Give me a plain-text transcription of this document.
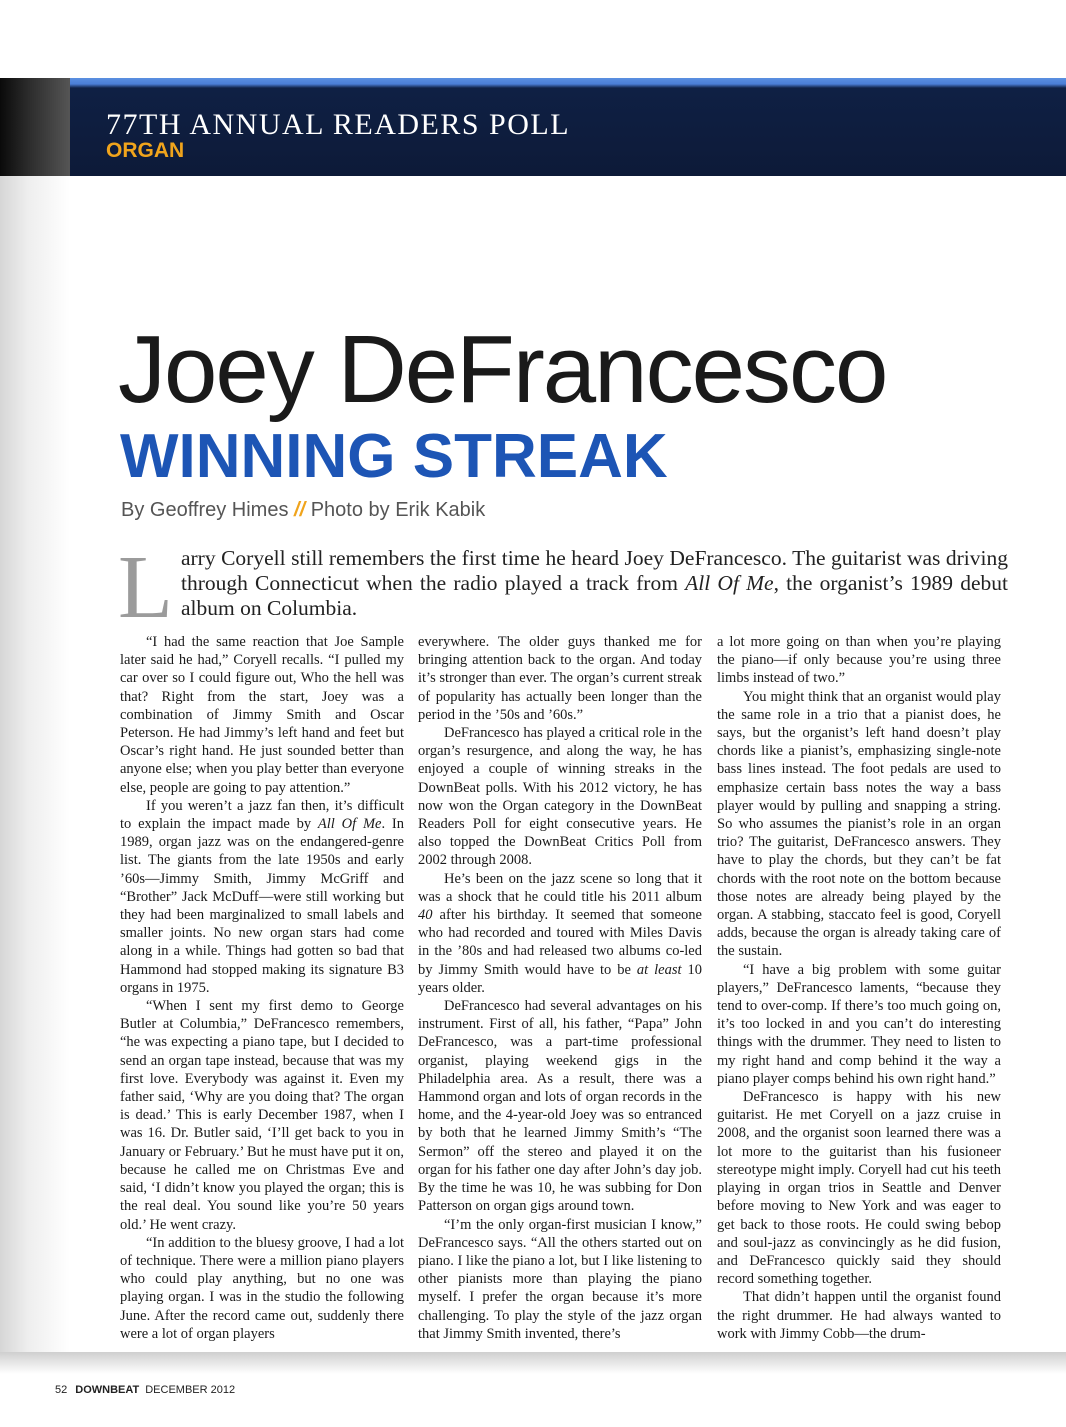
77TH ANNUAL READERS POLL
ORGAN
Joey DeFrancesco
WINNING STREAK
By Geoffrey Himes // Photo by Erik Kabik
L arry Coryell still remembers the first time he heard Joey DeFrancesco. The guitarist was driving through Connecticut when the radio played a track from All Of Me, the organist’s 1989 debut album on Columbia.

“I had the same reaction that Joe Sample later said he had,” Coryell recalls. “I pulled my car over so I could figure out, Who the hell was that? Right from the start, Joey was a combination of Jimmy Smith and Oscar Peterson. He had Jimmy’s left hand and feet but Oscar’s right hand. He just sounded better than anyone else; when you play better than everyone else, people are going to pay attention.”

If you weren’t a jazz fan then, it’s difficult to explain the impact made by All Of Me. In 1989, organ jazz was on the endangered-genre list. The giants from the late 1950s and early ’60s—Jimmy Smith, Jimmy McGriff and “Brother” Jack McDuff—were still working but they had been marginalized to small labels and smaller joints. No new organ stars had come along in a while. Things had gotten so bad that Hammond had stopped making its signature B3 organs in 1975.

“When I sent my first demo to George Butler at Columbia,” DeFrancesco remembers, “he was expecting a piano tape, but I decided to send an organ tape instead, because that was my first love. Everybody was against it. Even my father said, ‘Why are you doing that? The organ is dead.’ This is early December 1987, when I was 16. Dr. Butler said, ‘I’ll get back to you in January or February.’ But he must have put it on, because he called me on Christmas Eve and said, ‘I didn’t know you played the organ; this is the real deal. You sound like you’re 50 years old.’ He went crazy.

“In addition to the bluesy groove, I had a lot of technique. There were a million piano players who could play anything, but no one was playing organ. I was in the studio the following June. After the record came out, suddenly there were a lot of organ players

everywhere. The older guys thanked me for bringing attention back to the organ. And today it’s stronger than ever. The organ’s current streak of popularity has actually been longer than the period in the ’50s and ’60s.”

DeFrancesco has played a critical role in the organ’s resurgence, and along the way, he has enjoyed a couple of winning streaks in the DownBeat polls. With his 2012 victory, he has now won the Organ category in the DownBeat Readers Poll for eight consecutive years. He also topped the DownBeat Critics Poll from 2002 through 2008.

He’s been on the jazz scene so long that it was a shock that he could title his 2011 album 40 after his birthday. It seemed that someone who had recorded and toured with Miles Davis in the ’80s and had released two albums co-led by Jimmy Smith would have to be at least 10 years older.

DeFrancesco had several advantages on his instrument. First of all, his father, “Papa” John DeFrancesco, was a part-time professional organist, playing weekend gigs in the Philadelphia area. As a result, there was a Hammond organ and lots of organ records in the home, and the 4-year-old Joey was so entranced by both that he learned Jimmy Smith’s “The Sermon” off the stereo and played it on the organ for his father one day after John’s day job. By the time he was 10, he was subbing for Don Patterson on organ gigs around town.

“I’m the only organ-first musician I know,” DeFrancesco says. “All the others started out on piano. I like the piano a lot, but I like listening to other pianists more than playing the piano myself. I prefer the organ because it’s more challenging. To play the style of the jazz organ that Jimmy Smith invented, there’s

a lot more going on than when you’re playing the piano—if only because you’re using three limbs instead of two.”

You might think that an organist would play the same role in a trio that a pianist does, he says, but the organist’s left hand doesn’t play chords like a pianist’s, emphasizing single-note bass lines instead. The foot pedals are used to emphasize certain bass notes the way a bass player would by pulling and snapping a string. So who assumes the pianist’s role in an organ trio? The guitarist, DeFrancesco answers. They have to play the chords, but they can’t be fat chords with the root note on the bottom because those notes are already being played by the organ. A stabbing, staccato feel is good, Coryell adds, because the organ is already taking care of the sustain.

“I have a big problem with some guitar players,” DeFrancesco laments, “because they tend to over-comp. If there’s too much going on, it’s too locked in and you can’t do interesting things with the drummer. They need to listen to my right hand and comp behind it the way a piano player comps behind his own right hand.”

DeFrancesco is happy with his new guitarist. He met Coryell on a jazz cruise in 2008, and the organist soon learned there was a lot more to the guitarist than his fusioneer stereotype might imply. Coryell had cut his teeth playing in organ trios in Seattle and Denver before moving to New York and was eager to get back to those roots. He could swing bebop and soul-jazz as convincingly as he did fusion, and DeFrancesco quickly said they should record something together.

That didn’t happen until the organist found the right drummer. He had always wanted to work with Jimmy Cobb—the drum-

52 DOWNBEAT DECEMBER 2012
